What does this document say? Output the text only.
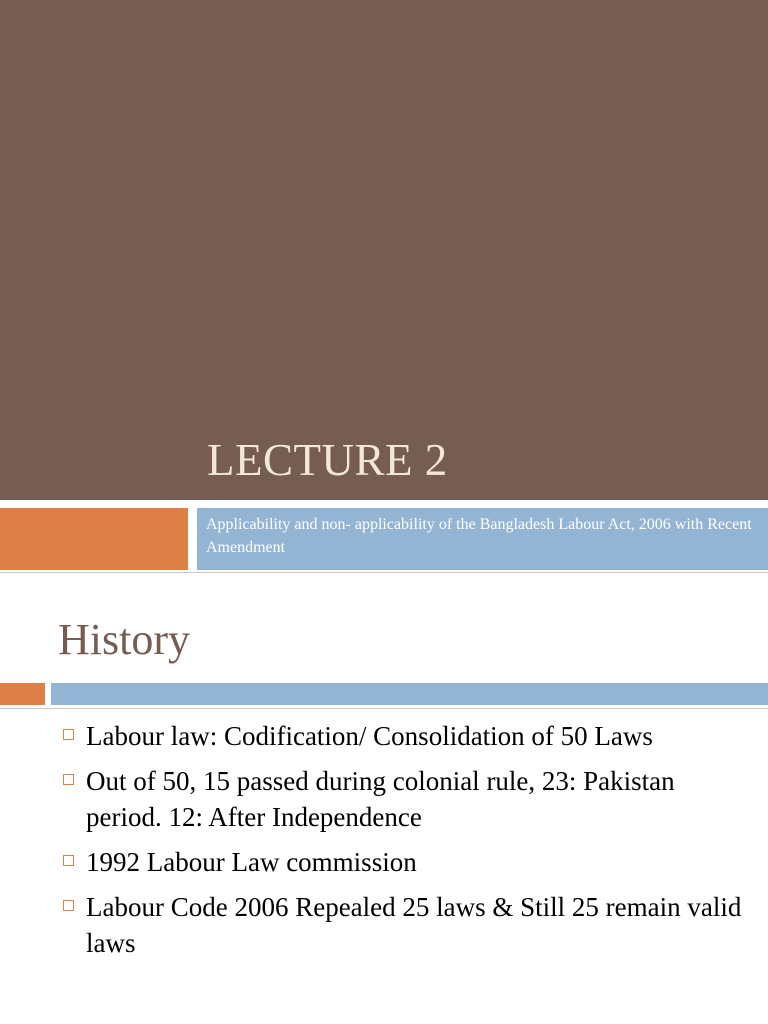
LECTURE 2
Applicability and non- applicability of the Bangladesh Labour Act, 2006 with Recent Amendment
History
Labour law: Codification/ Consolidation of 50 Laws
Out of 50, 15 passed during colonial rule, 23: Pakistan period. 12: After Independence
1992 Labour Law commission
Labour Code 2006 Repealed 25 laws & Still 25 remain valid laws
